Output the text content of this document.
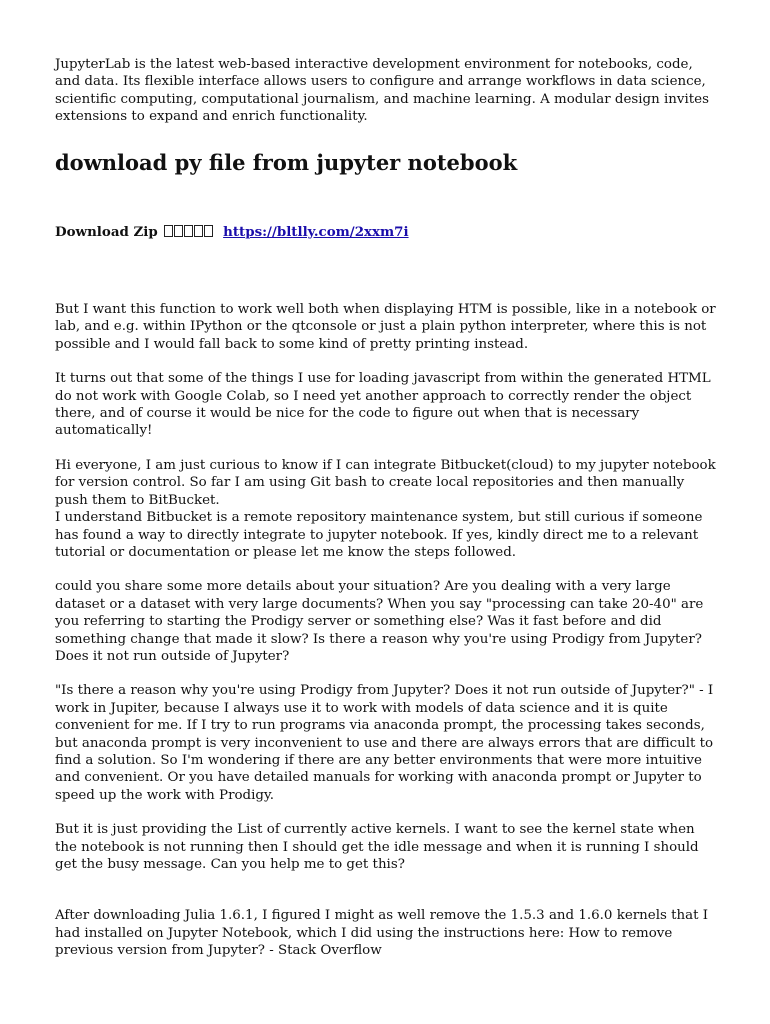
JupyterLab is the latest web-based interactive development environment for notebooks, code, and data. Its flexible interface allows users to configure and arrange workflows in data science, scientific computing, computational journalism, and machine learning. A modular design invites extensions to expand and enrich functionality.

download py file from jupyter notebook
Download Zip	https://bltlly.com/2xxm7i

But I want this function to work well both when displaying HTM is possible, like in a notebook or lab, and e.g. within IPython or the qtconsole or just a plain python interpreter, where this is not possible and I would fall back to some kind of pretty printing instead.

It turns out that some of the things I use for loading javascript from within the generated HTML do not work with Google Colab, so I need yet another approach to correctly render the object there, and of course it would be nice for the code to figure out when that is necessary automatically!

Hi everyone, I am just curious to know if I can integrate Bitbucket(cloud) to my jupyter notebook for version control. So far I am using Git bash to create local repositories and then manually push them to BitBucket.

I understand Bitbucket is a remote repository maintenance system, but still curious if someone has found a way to directly integrate to jupyter notebook. If yes, kindly direct me to a relevant tutorial or documentation or please let me know the steps followed.

could you share some more details about your situation? Are you dealing with a very large dataset or a dataset with very large documents? When you say "processing can take 20-40" are you referring to starting the Prodigy server or something else? Was it fast before and did something change that made it slow? Is there a reason why you're using Prodigy from Jupyter? Does it not run outside of Jupyter?

"Is there a reason why you're using Prodigy from Jupyter? Does it not run outside of Jupyter?" - I work in Jupiter, because I always use it to work with models of data science and it is quite convenient for me. If I try to run programs via anaconda prompt, the processing takes seconds, but anaconda prompt is very inconvenient to use and there are always errors that are difficult to find a solution. So I'm wondering if there are any better environments that were more intuitive and convenient. Or you have detailed manuals for working with anaconda prompt or Jupyter to speed up the work with Prodigy.

But it is just providing the List of currently active kernels. I want to see the kernel state when the notebook is not running then I should get the idle message and when it is running I should get the busy message. Can you help me to get this?

After downloading Julia 1.6.1, I figured I might as well remove the 1.5.3 and 1.6.0 kernels that I had installed on Jupyter Notebook, which I did using the instructions here: How to remove previous version from Jupyter? - Stack Overflow
